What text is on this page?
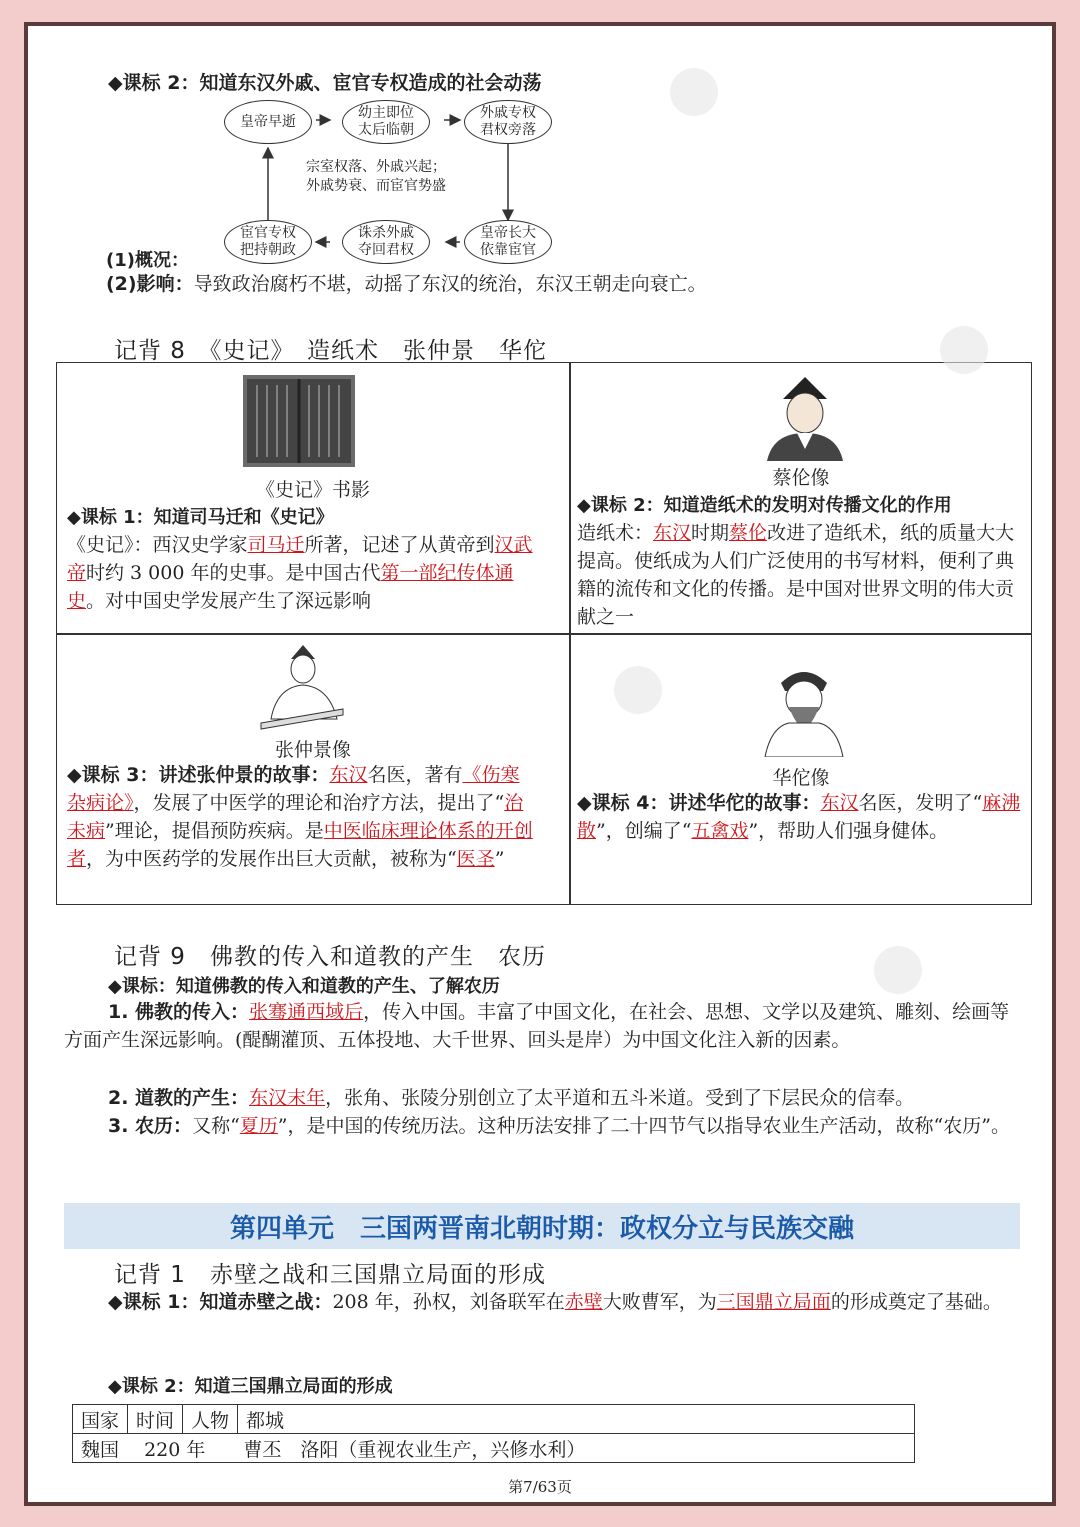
◆课标 2：知道东汉外戚、宦官专权造成的社会动荡
皇帝早逝
幼主即位
太后临朝
外戚专权
君权旁落
皇帝长大
依靠宦官
诛杀外戚
夺回君权
宦官专权
把持朝政
宗室权落、外戚兴起；
外戚势衰、而宦官势盛
(1)概况：
(2)影响：导致政治腐朽不堪，动摇了东汉的统治，东汉王朝走向衰亡。
记背 8　《史记》　造纸术　张仲景　华佗
《史记》书影
◆课标 1：知道司马迁和《史记》
《史记》：西汉史学家司马迁所著，记述了从黄帝到汉武帝时约 3 000 年的史事。是中国古代第一部纪传体通史。对中国史学发展产生了深远影响
蔡伦像
◆课标 2：知道造纸术的发明对传播文化的作用
造纸术：东汉时期蔡伦改进了造纸术，纸的质量大大提高。使纸成为人们广泛使用的书写材料，便利了典籍的流传和文化的传播。是中国对世界文明的伟大贡献之一
张仲景像
◆课标 3：讲述张仲景的故事：东汉名医，著有《伤寒杂病论》，发展了中医学的理论和治疗方法，提出了“治未病”理论，提倡预防疾病。是中医临床理论体系的开创者，为中医药学的发展作出巨大贡献，被称为“医圣”
华佗像
◆课标 4：讲述华佗的故事：东汉名医，发明了“麻沸散”，创编了“五禽戏”，帮助人们强身健体。
记背 9　佛教的传入和道教的产生　农历
◆课标：知道佛教的传入和道教的产生、了解农历
1. 佛教的传入：张骞通西域后，传入中国。丰富了中国文化，在社会、思想、文学以及建筑、雕刻、绘画等方面产生深远影响。(醍醐灌顶、五体投地、大千世界、回头是岸）为中国文化注入新的因素。
2. 道教的产生：东汉末年，张角、张陵分别创立了太平道和五斗米道。受到了下层民众的信奉。
3. 农历：又称“夏历”，是中国的传统历法。这种历法安排了二十四节气以指导农业生产活动，故称“农历”。
第四单元　三国两晋南北朝时期：政权分立与民族交融
记背 1　赤壁之战和三国鼎立局面的形成
◆课标 1：知道赤壁之战：208 年，孙权，刘备联军在赤壁大败曹军，为三国鼎立局面的形成奠定了基础。
◆课标 2：知道三国鼎立局面的形成
国家	时间	人物	都城
魏国　 220 年　　 曹丕　 洛阳（重视农业生产，兴修水利）
第7/63页
